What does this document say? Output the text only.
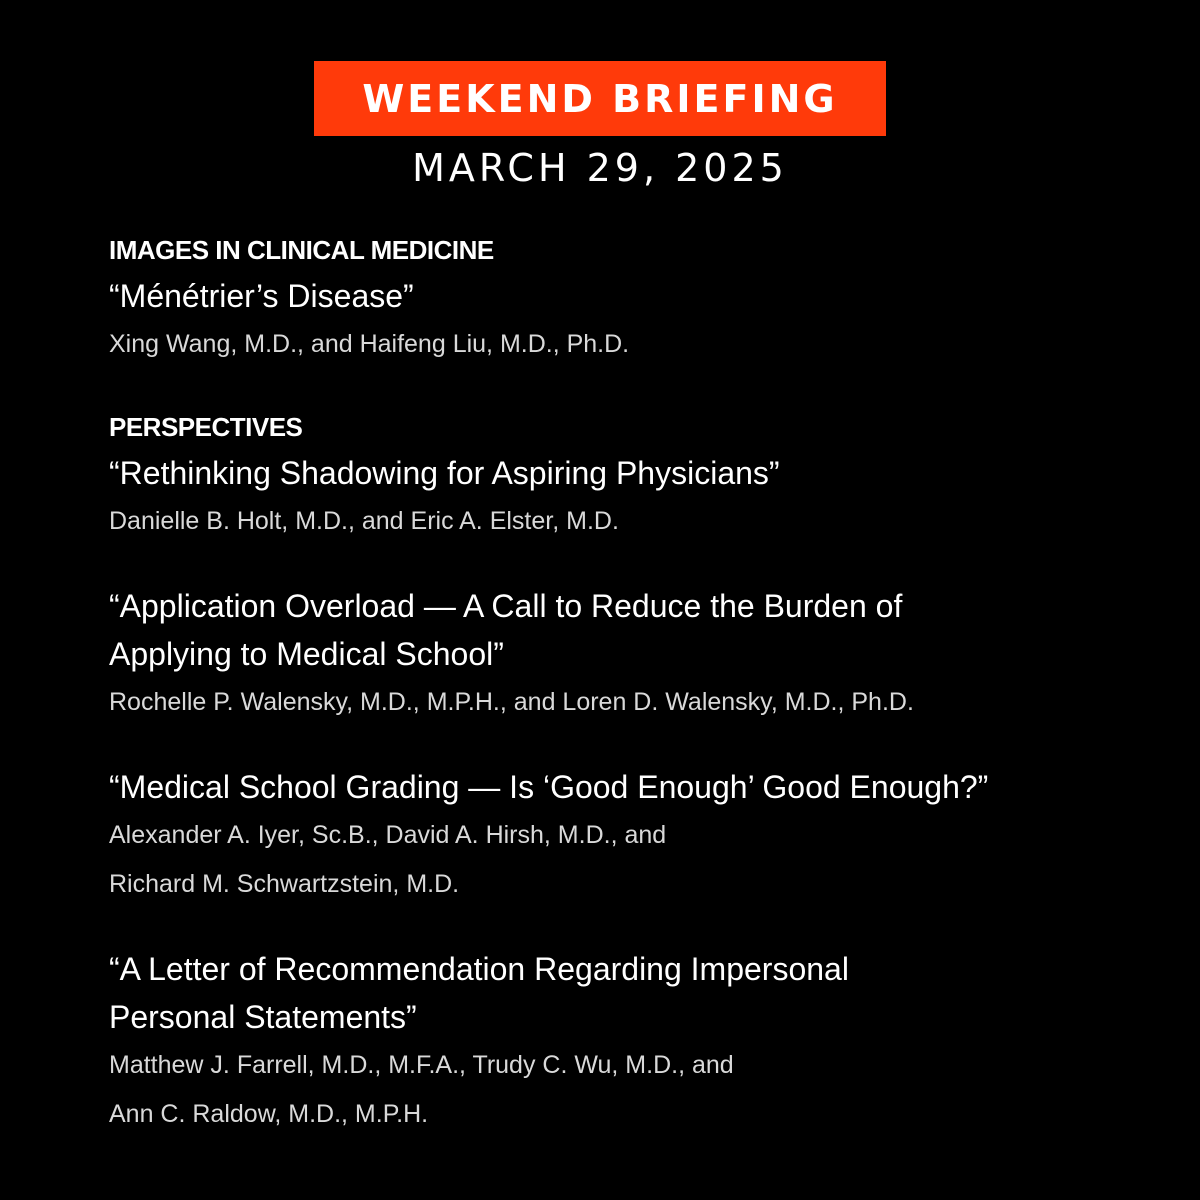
WEEKEND BRIEFING
MARCH 29, 2025
IMAGES IN CLINICAL MEDICINE
“Ménétrier’s Disease”
Xing Wang, M.D., and Haifeng Liu, M.D., Ph.D.
PERSPECTIVES
“Rethinking Shadowing for Aspiring Physicians”
Danielle B. Holt, M.D., and Eric A. Elster, M.D.
“Application Overload — A Call to Reduce the Burden of
Applying to Medical School”
Rochelle P. Walensky, M.D., M.P.H., and Loren D. Walensky, M.D., Ph.D.
“Medical School Grading — Is ‘Good Enough’ Good Enough?”
Alexander A. Iyer, Sc.B., David A. Hirsh, M.D., and
Richard M. Schwartzstein, M.D.
“A Letter of Recommendation Regarding Impersonal
Personal Statements”
Matthew J. Farrell, M.D., M.F.A., Trudy C. Wu, M.D., and
Ann C. Raldow, M.D., M.P.H.
